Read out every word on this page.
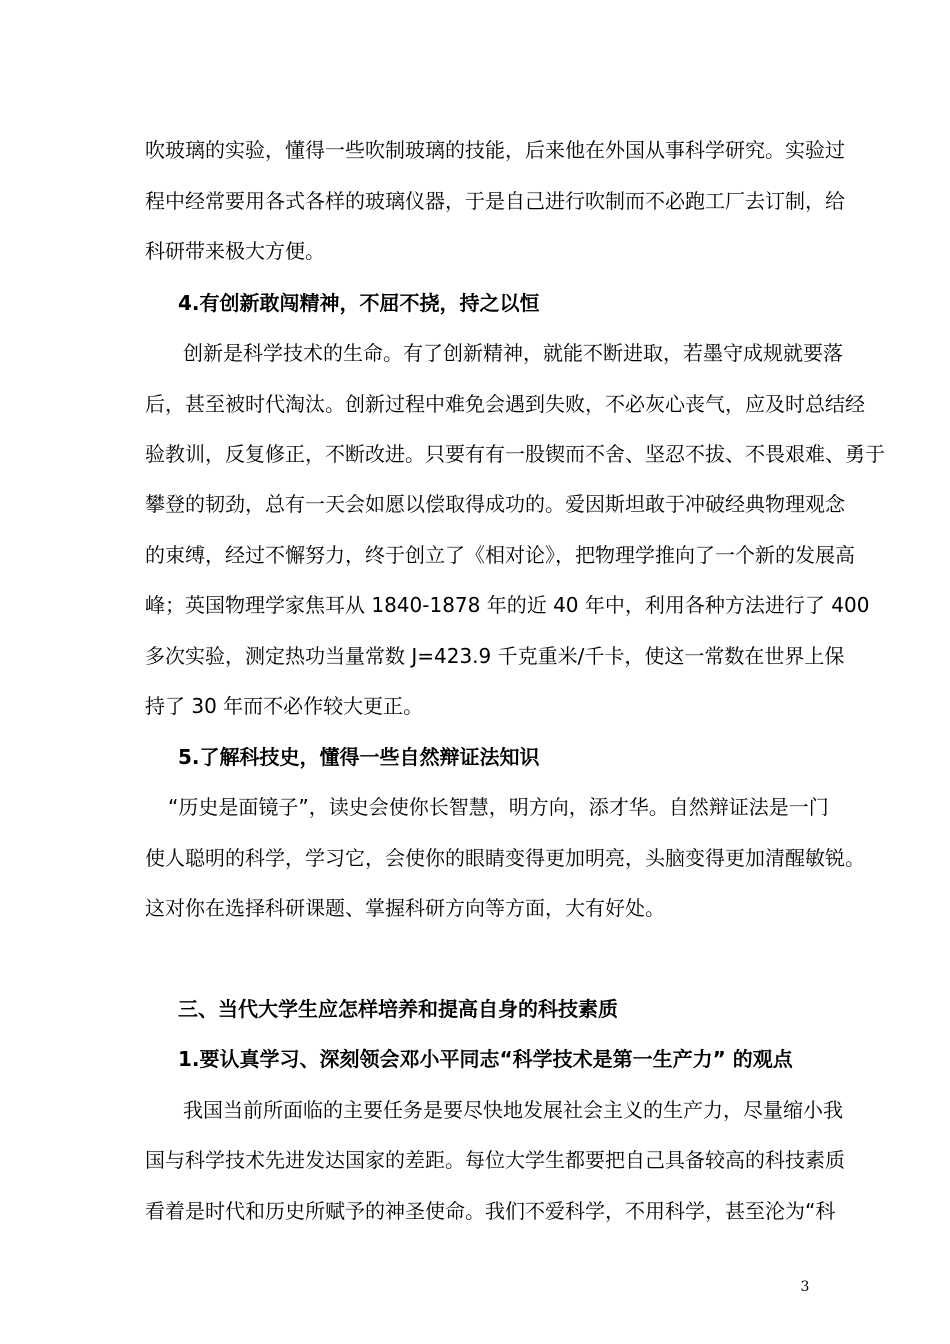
吹玻璃的实验，懂得一些吹制玻璃的技能，后来他在外国从事科学研究。实验过
程中经常要用各式各样的玻璃仪器，于是自己进行吹制而不必跑工厂去订制，给
科研带来极大方便。
4.有创新敢闯精神，不屈不挠，持之以恒
创新是科学技术的生命。有了创新精神，就能不断进取，若墨守成规就要落
后，甚至被时代淘汰。创新过程中难免会遇到失败，不必灰心丧气，应及时总结经
验教训，反复修正，不断改进。只要有有一股锲而不舍、坚忍不拔、不畏艰难、勇于
攀登的韧劲，总有一天会如愿以偿取得成功的。爱因斯坦敢于冲破经典物理观念
的束缚，经过不懈努力，终于创立了《相对论》，把物理学推向了一个新的发展高
峰；英国物理学家焦耳从 1840-1878 年的近 40 年中，利用各种方法进行了 400
多次实验，测定热功当量常数 J=423.9 千克重米/千卡，使这一常数在世界上保
持了 30 年而不必作较大更正。
5.了解科技史，懂得一些自然辩证法知识
“历史是面镜子”，读史会使你长智慧，明方向，添才华。自然辩证法是一门
使人聪明的科学，学习它，会使你的眼睛变得更加明亮，头脑变得更加清醒敏锐。
这对你在选择科研课题、掌握科研方向等方面，大有好处。
三、当代大学生应怎样培养和提高自身的科技素质
1.要认真学习、深刻领会邓小平同志“科学技术是第一生产力” 的观点
我国当前所面临的主要任务是要尽快地发展社会主义的生产力，尽量缩小我
国与科学技术先进发达国家的差距。每位大学生都要把自己具备较高的科技素质
看着是时代和历史所赋予的神圣使命。我们不爱科学，不用科学，甚至沦为“科
3
